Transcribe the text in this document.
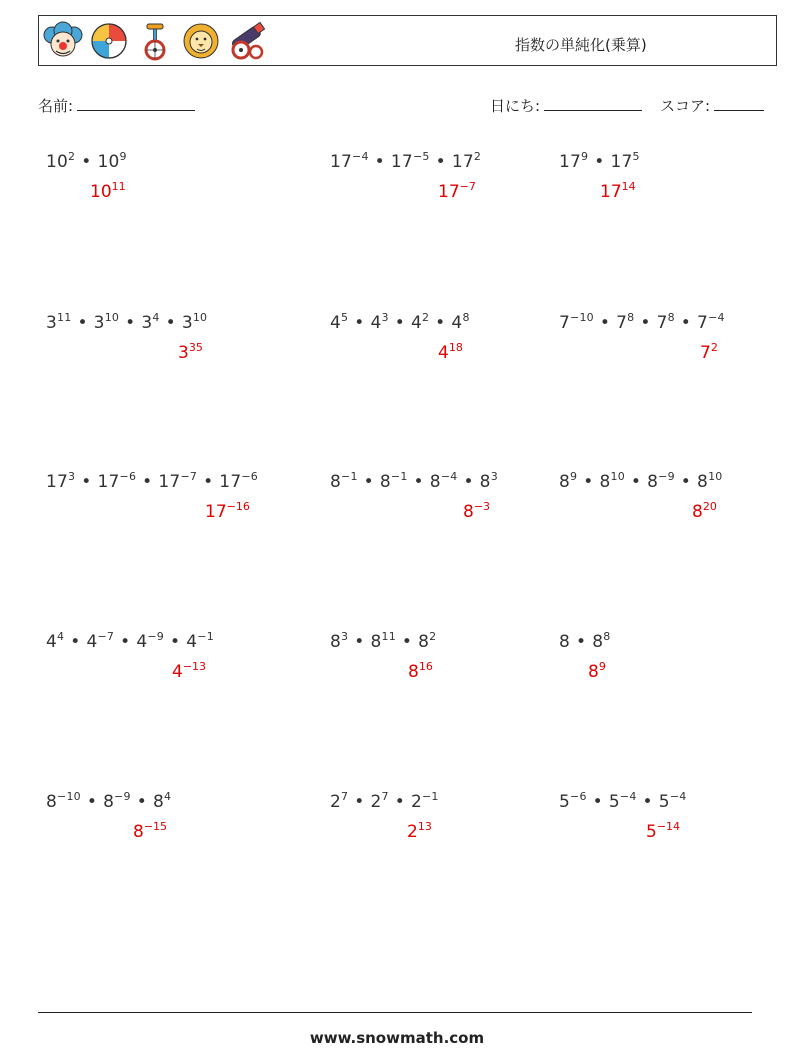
指数の単純化(乗算)
名前:	日にち:	スコア:
$10^2$ • $10^9$
$10^{11}$
$17^{-4}$ • $17^{-5}$ • $17^2$
$17^{-7}$
$17^9$ • $17^5$
$17^{14}$
$3^{11}$ • $3^{10}$ • $3^4$ • $3^{10}$
$3^{35}$
$4^5$ • $4^3$ • $4^2$ • $4^8$
$4^{18}$
$7^{-10}$ • $7^8$ • $7^8$ • $7^{-4}$
$7^2$
$17^3$ • $17^{-6}$ • $17^{-7}$ • $17^{-6}$
$17^{-16}$
$8^{-1}$ • $8^{-1}$ • $8^{-4}$ • $8^3$
$8^{-3}$
$8^9$ • $8^{10}$ • $8^{-9}$ • $8^{10}$
$8^{20}$
$4^4$ • $4^{-7}$ • $4^{-9}$ • $4^{-1}$
$4^{-13}$
$8^3$ • $8^{11}$ • $8^2$
$8^{16}$
8 • $8^8$
$8^9$
$8^{-10}$ • $8^{-9}$ • $8^4$
$8^{-15}$
$2^7$ • $2^7$ • $2^{-1}$
$2^{13}$
$5^{-6}$ • $5^{-4}$ • $5^{-4}$
$5^{-14}$
www.snowmath.com
